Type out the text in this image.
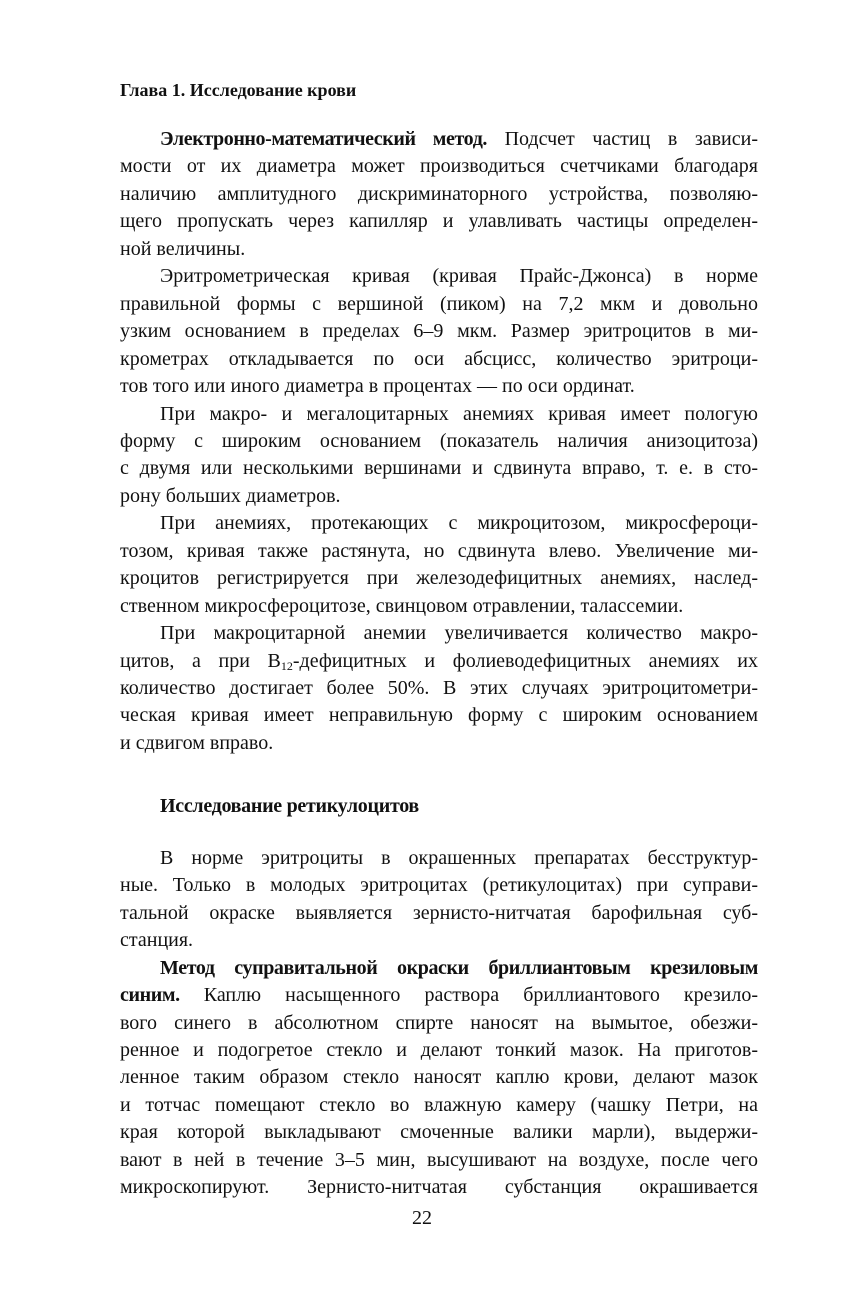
Глава 1. Исследование крови
Электронно-математический метод. Подсчет частиц в зависи-
мости от их диаметра может производиться счетчиками благодаря
наличию амплитудного дискриминаторного устройства, позволяю-
щего пропускать через капилляр и улавливать частицы определен-
ной величины.
Эритрометрическая кривая (кривая Прайс-Джонса) в норме
правильной формы с вершиной (пиком) на 7,2 мкм и довольно
узким основанием в пределах 6–9 мкм. Размер эритроцитов в ми-
крометрах откладывается по оси абсцисс, количество эритроци-
тов того или иного диаметра в процентах — по оси ординат.
При макро- и мегалоцитарных анемиях кривая имеет пологую
форму с широким основанием (показатель наличия анизоцитоза)
с двумя или несколькими вершинами и сдвинута вправо, т. е. в сто-
рону больших диаметров.
При анемиях, протекающих с микроцитозом, микросфероци-
тозом, кривая также растянута, но сдвинута влево. Увеличение ми-
кроцитов регистрируется при железодефицитных анемиях, наслед-
ственном микросфероцитозе, свинцовом отравлении, талассемии.
При макроцитарной анемии увеличивается количество макро-
цитов, а при $B_{12}$-дефицитных и фолиеводефицитных анемиях их
количество достигает более 50%. В этих случаях эритроцитометри-
ческая кривая имеет неправильную форму с широким основанием
и сдвигом вправо.
Исследование ретикулоцитов
В норме эритроциты в окрашенных препаратах бесструктур-
ные. Только в молодых эритроцитах (ретикулоцитах) при суправи-
тальной окраске выявляется зернисто-нитчатая барофильная суб-
станция.
Метод суправитальной окраски бриллиантовым крезиловым
синим. Каплю насыщенного раствора бриллиантового крезило-
вого синего в абсолютном спирте наносят на вымытое, обезжи-
ренное и подогретое стекло и делают тонкий мазок. На приготов-
ленное таким образом стекло наносят каплю крови, делают мазок
и тотчас помещают стекло во влажную камеру (чашку Петри, на
края которой выкладывают смоченные валики марли), выдержи-
вают в ней в течение 3–5 мин, высушивают на воздухе, после чего
микроскопируют. Зернисто-нитчатая субстанция окрашивается
22
